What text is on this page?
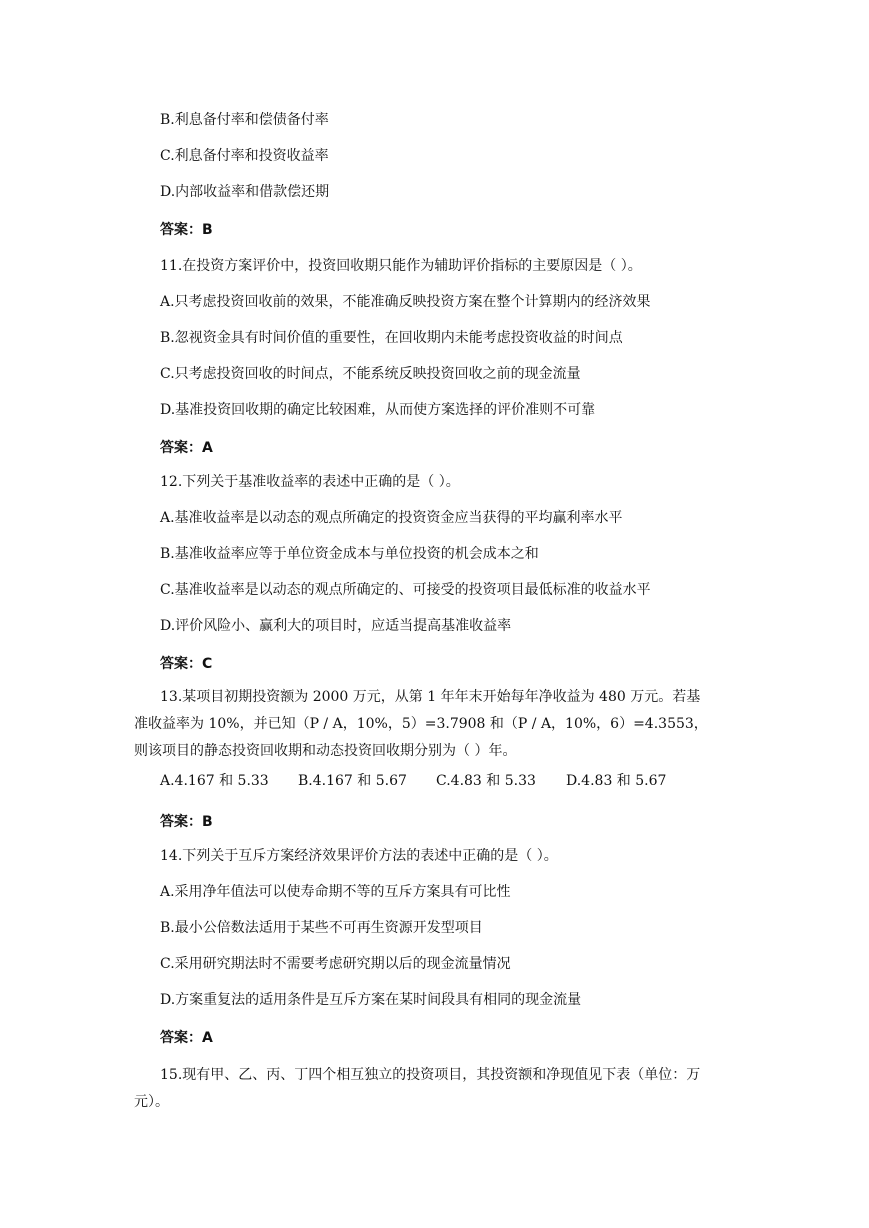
B.利息备付率和偿债备付率
C.利息备付率和投资收益率
D.内部收益率和借款偿还期
答案：B
11.在投资方案评价中，投资回收期只能作为辅助评价指标的主要原因是（ ）。
A.只考虑投资回收前的效果，不能准确反映投资方案在整个计算期内的经济效果
B.忽视资金具有时间价值的重要性，在回收期内未能考虑投资收益的时间点
C.只考虑投资回收的时间点，不能系统反映投资回收之前的现金流量
D.基准投资回收期的确定比较困难，从而使方案选择的评价准则不可靠
答案：A
12.下列关于基准收益率的表述中正确的是（ ）。
A.基准收益率是以动态的观点所确定的投资资金应当获得的平均赢利率水平
B.基准收益率应等于单位资金成本与单位投资的机会成本之和
C.基准收益率是以动态的观点所确定的、可接受的投资项目最低标准的收益水平
D.评价风险小、赢利大的项目时，应适当提高基准收益率
答案：C
13.某项目初期投资额为 2000 万元，从第 1 年年末开始每年净收益为 480 万元。若基准收益率为 10%，并已知（P / A，10%，5）=3.7908 和（P / A，10%，6）=4.3553，则该项目的静态投资回收期和动态投资回收期分别为（ ）年。
A.4.167 和 5.33 B.4.167 和 5.67 C.4.83 和 5.33 D.4.83 和 5.67
答案：B
14.下列关于互斥方案经济效果评价方法的表述中正确的是（ ）。
A.采用净年值法可以使寿命期不等的互斥方案具有可比性
B.最小公倍数法适用于某些不可再生资源开发型项目
C.采用研究期法时不需要考虑研究期以后的现金流量情况
D.方案重复法的适用条件是互斥方案在某时间段具有相同的现金流量
答案：A
15.现有甲、乙、丙、丁四个相互独立的投资项目，其投资额和净现值见下表（单位：万元）。
